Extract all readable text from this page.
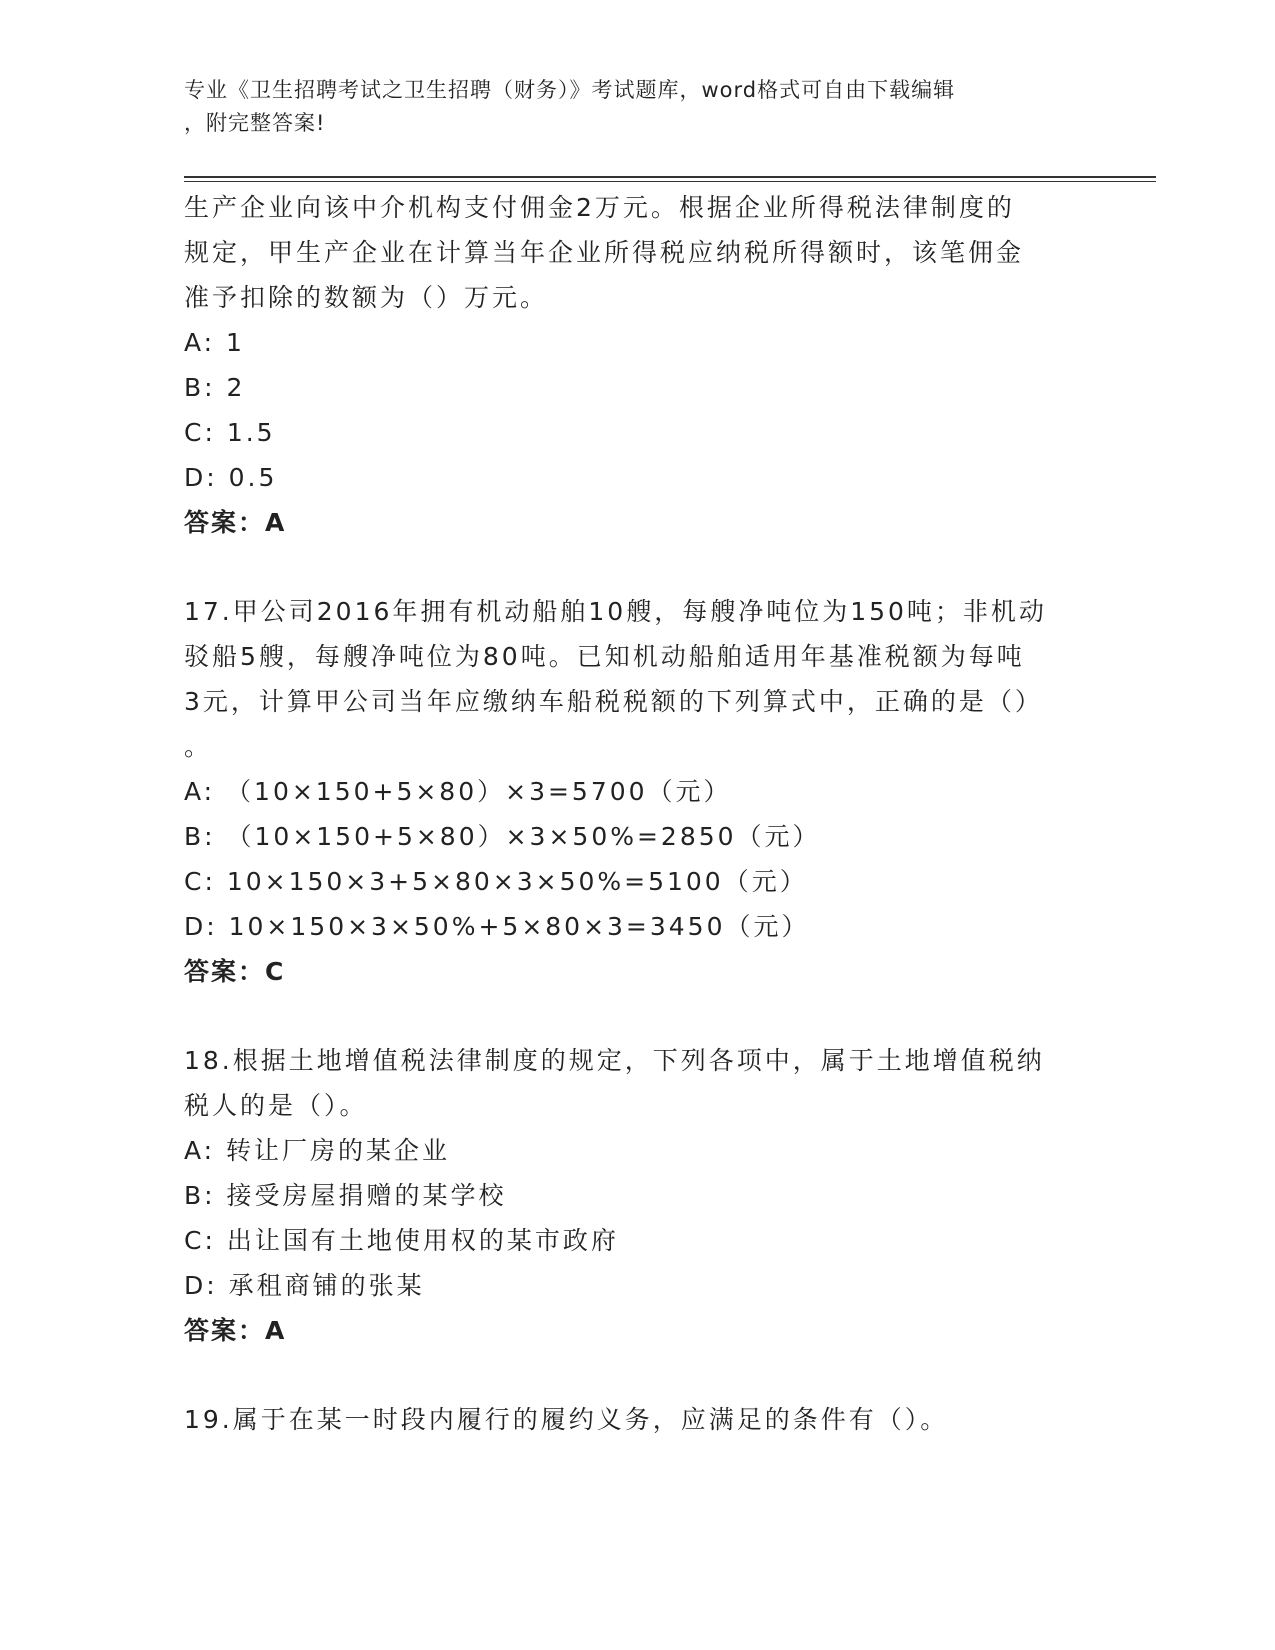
专业《卫生招聘考试之卫生招聘（财务）》考试题库，word格式可自由下载编辑
，附完整答案!

生产企业向该中介机构支付佣金2万元。根据企业所得税法律制度的

规定，甲生产企业在计算当年企业所得税应纳税所得额时，该笔佣金

准予扣除的数额为（）万元。

A: 1

B: 2

C: 1.5

D: 0.5

答案：A

17.甲公司2016年拥有机动船舶10艘，每艘净吨位为150吨；非机动

驳船5艘，每艘净吨位为80吨。已知机动船舶适用年基准税额为每吨

3元，计算甲公司当年应缴纳车船税税额的下列算式中，正确的是（）

。

A: （10×150+5×80）×3=5700（元）

B: （10×150+5×80）×3×50%=2850（元）

C: 10×150×3+5×80×3×50%=5100（元）

D: 10×150×3×50%+5×80×3=3450（元）

答案：C

18.根据土地增值税法律制度的规定，下列各项中，属于土地增值税纳

税人的是（）。

A: 转让厂房的某企业

B: 接受房屋捐赠的某学校

C: 出让国有土地使用权的某市政府

D: 承租商铺的张某

答案：A

19.属于在某一时段内履行的履约义务，应满足的条件有（）。
